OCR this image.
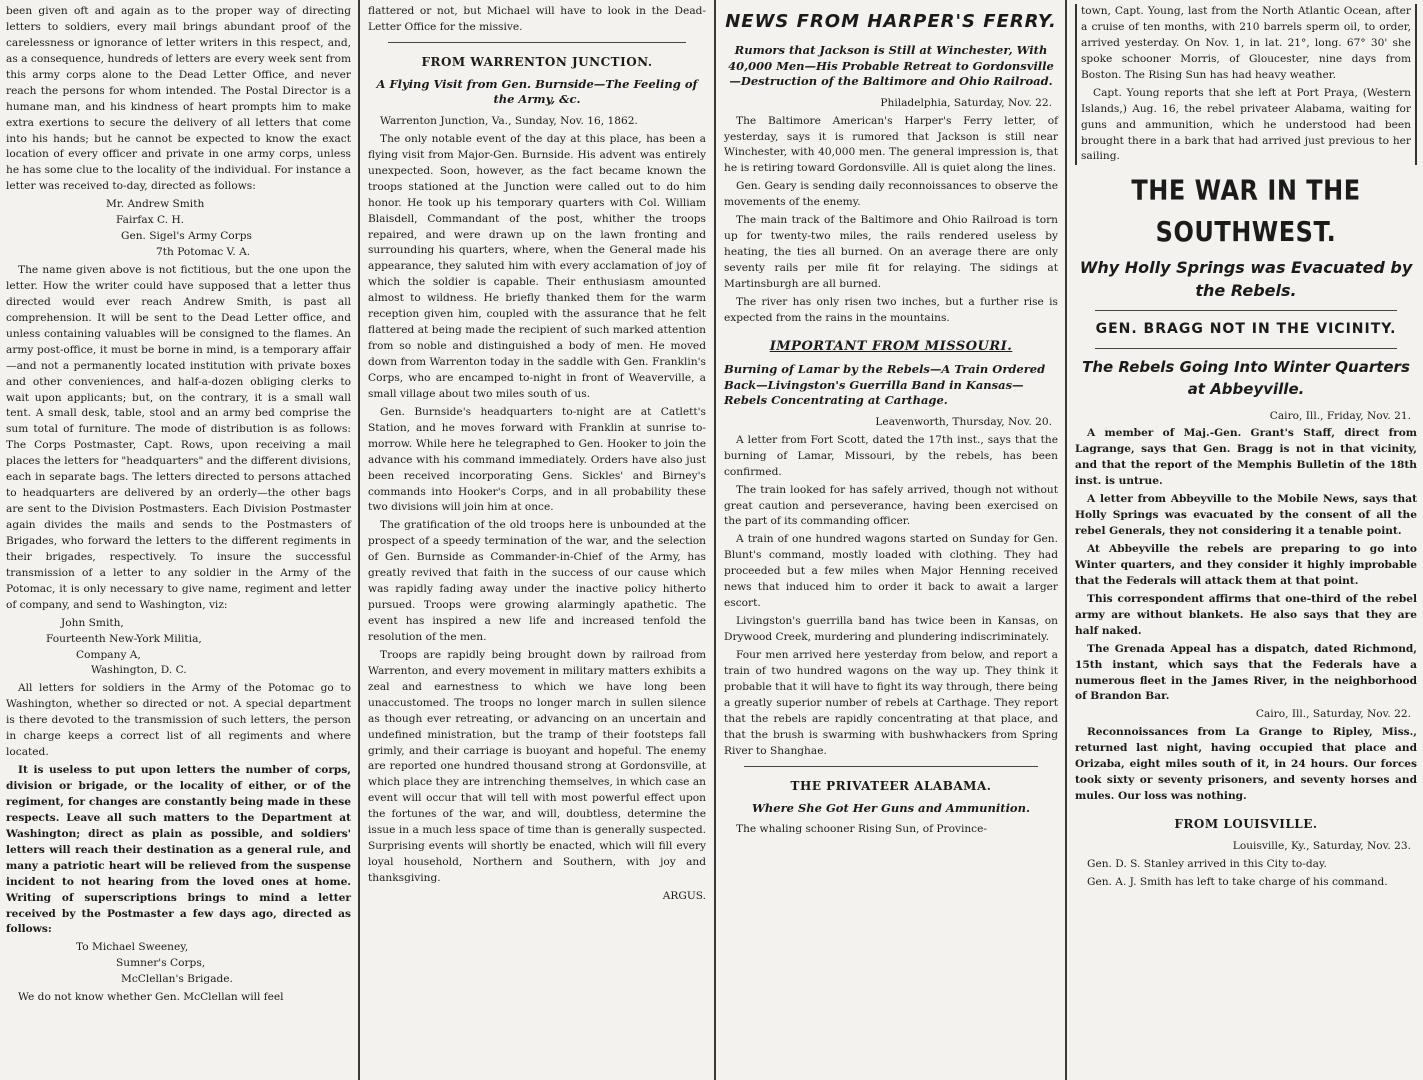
been given oft and again as to the proper way of directing letters to soldiers, every mail brings abundant proof of the carelessness or ignorance of letter writers in this respect, and, as a consequence, hundreds of letters are every week sent from this army corps alone to the Dead Letter Office, and never reach the persons for whom intended. The Postal Director is a humane man, and his kindness of heart prompts him to make extra exertions to secure the delivery of all letters that come into his hands; but he cannot be expected to know the exact location of every officer and private in one army corps, unless he has some clue to the locality of the individual. For instance a letter was received to-day, directed as follows:

Mr. Andrew Smith
Fairfax C. H.
Gen. Sigel's Army Corps
7th Potomac V. A.

The name given above is not fictitious, but the one upon the letter. How the writer could have supposed that a letter thus directed would ever reach Andrew Smith, is past all comprehension. It will be sent to the Dead Letter office, and unless containing valuables will be consigned to the flames. An army post-office, it must be borne in mind, is a temporary affair—and not a permanently located institution with private boxes and other conveniences, and half-a-dozen obliging clerks to wait upon applicants; but, on the contrary, it is a small wall tent. A small desk, table, stool and an army bed comprise the sum total of furniture. The mode of distribution is as follows: The Corps Postmaster, Capt. Rows, upon receiving a mail places the letters for "headquarters" and the different divisions, each in separate bags. The letters directed to persons attached to headquarters are delivered by an orderly—the other bags are sent to the Division Postmasters. Each Division Postmaster again divides the mails and sends to the Postmasters of Brigades, who forward the letters to the different regiments in their brigades, respectively. To insure the successful transmission of a letter to any soldier in the Army of the Potomac, it is only necessary to give name, regiment and letter of company, and send to Washington, viz:

John Smith,
Fourteenth New-York Militia,
Company A,
Washington, D. C.

All letters for soldiers in the Army of the Potomac go to Washington, whether so directed or not. A special department is there devoted to the transmission of such letters, the person in charge keeps a correct list of all regiments and where located.

It is useless to put upon letters the number of corps, division or brigade, or the locality of either, or of the regiment, for changes are constantly being made in these respects. Leave all such matters to the Department at Washington; direct as plain as possible, and soldiers' letters will reach their destination as a general rule, and many a patriotic heart will be relieved from the suspense incident to not hearing from the loved ones at home. Writing of superscriptions brings to mind a letter received by the Postmaster a few days ago, directed as follows:

To Michael Sweeney,
Sumner's Corps,
McClellan's Brigade.

We do not know whether Gen. McClellan will feel

flattered or not, but Michael will have to look in the Dead-Letter Office for the missive.

FROM WARRENTON JUNCTION.
A Flying Visit from Gen. Burnside—The Feeling of the Army, &c.

Warrenton Junction, Va., Sunday, Nov. 16, 1862.

The only notable event of the day at this place, has been a flying visit from Major-Gen. Burnside. His advent was entirely unexpected. Soon, however, as the fact became known the troops stationed at the Junction were called out to do him honor. He took up his temporary quarters with Col. William Blaisdell, Commandant of the post, whither the troops repaired, and were drawn up on the lawn fronting and surrounding his quarters, where, when the General made his appearance, they saluted him with every acclamation of joy of which the soldier is capable. Their enthusiasm amounted almost to wildness. He briefly thanked them for the warm reception given him, coupled with the assurance that he felt flattered at being made the recipient of such marked attention from so noble and distinguished a body of men. He moved down from Warrenton today in the saddle with Gen. Franklin's Corps, who are encamped to-night in front of Weaverville, a small village about two miles south of us.

Gen. Burnside's headquarters to-night are at Catlett's Station, and he moves forward with Franklin at sunrise to-morrow. While here he telegraphed to Gen. Hooker to join the advance with his command immediately. Orders have also just been received incorporating Gens. Sickles' and Birney's commands into Hooker's Corps, and in all probability these two divisions will join him at once.

The gratification of the old troops here is unbounded at the prospect of a speedy termination of the war, and the selection of Gen. Burnside as Commander-in-Chief of the Army, has greatly revived that faith in the success of our cause which was rapidly fading away under the inactive policy hitherto pursued. Troops were growing alarmingly apathetic. The event has inspired a new life and increased tenfold the resolution of the men.

Troops are rapidly being brought down by railroad from Warrenton, and every movement in military matters exhibits a zeal and earnestness to which we have long been unaccustomed. The troops no longer march in sullen silence as though ever retreating, or advancing on an uncertain and undefined ministration, but the tramp of their footsteps fall grimly, and their carriage is buoyant and hopeful. The enemy are reported one hundred thousand strong at Gordonsville, at which place they are intrenching themselves, in which case an event will occur that will tell with most powerful effect upon the fortunes of the war, and will, doubtless, determine the issue in a much less space of time than is generally suspected. Surprising events will shortly be enacted, which will fill every loyal household, Northern and Southern, with joy and thanksgiving.

ARGUS.
NEWS FROM HARPER'S FERRY.
Rumors that Jackson is Still at Winchester, With 40,000 Men—His Probable Retreat to Gordonsville—Destruction of the Baltimore and Ohio Railroad.
Philadelphia, Saturday, Nov. 22.

The Baltimore American's Harper's Ferry letter, of yesterday, says it is rumored that Jackson is still near Winchester, with 40,000 men. The general impression is, that he is retiring toward Gordonsville. All is quiet along the lines.

Gen. Geary is sending daily reconnoissances to observe the movements of the enemy.

The main track of the Baltimore and Ohio Railroad is torn up for twenty-two miles, the rails rendered useless by heating, the ties all burned. On an average there are only seventy rails per mile fit for relaying. The sidings at Martinsburgh are all burned.

The river has only risen two inches, but a further rise is expected from the rains in the mountains.

IMPORTANT FROM MISSOURI.
Burning of Lamar by the Rebels—A Train Ordered Back—Livingston's Guerrilla Band in Kansas—Rebels Concentrating at Carthage.
Leavenworth, Thursday, Nov. 20.

A letter from Fort Scott, dated the 17th inst., says that the burning of Lamar, Missouri, by the rebels, has been confirmed.

The train looked for has safely arrived, though not without great caution and perseverance, having been exercised on the part of its commanding officer.

A train of one hundred wagons started on Sunday for Gen. Blunt's command, mostly loaded with clothing. They had proceeded but a few miles when Major Henning received news that induced him to order it back to await a larger escort.

Livingston's guerrilla band has twice been in Kansas, on Drywood Creek, murdering and plundering indiscriminately.

Four men arrived here yesterday from below, and report a train of two hundred wagons on the way up. They think it probable that it will have to fight its way through, there being a greatly superior number of rebels at Carthage. They report that the rebels are rapidly concentrating at that place, and that the brush is swarming with bushwhackers from Spring River to Shanghae.

THE PRIVATEER ALABAMA.
Where She Got Her Guns and Ammunition.

The whaling schooner Rising Sun, of Province-

town, Capt. Young, last from the North Atlantic Ocean, after a cruise of ten months, with 210 barrels sperm oil, to order, arrived yesterday. On Nov. 1, in lat. 21°, long. 67° 30' she spoke schooner Morris, of Gloucester, nine days from Boston. The Rising Sun has had heavy weather.

Capt. Young reports that she left at Port Praya, (Western Islands,) Aug. 16, the rebel privateer Alabama, waiting for guns and ammunition, which he understood had been brought there in a bark that had arrived just previous to her sailing.

THE WAR IN THE SOUTHWEST.
Why Holly Springs was Evacuated by the Rebels.
GEN. BRAGG NOT IN THE VICINITY.
The Rebels Going Into Winter Quarters at Abbeyville.
Cairo, Ill., Friday, Nov. 21.

A member of Maj.-Gen. Grant's Staff, direct from Lagrange, says that Gen. Bragg is not in that vicinity, and that the report of the Memphis Bulletin of the 18th inst. is untrue.

A letter from Abbeyville to the Mobile News, says that Holly Springs was evacuated by the consent of all the rebel Generals, they not considering it a tenable point.

At Abbeyville the rebels are preparing to go into Winter quarters, and they consider it highly improbable that the Federals will attack them at that point.

This correspondent affirms that one-third of the rebel army are without blankets. He also says that they are half naked.

The Grenada Appeal has a dispatch, dated Richmond, 15th instant, which says that the Federals have a numerous fleet in the James River, in the neighborhood of Brandon Bar.

Cairo, Ill., Saturday, Nov. 22.

Reconnoissances from La Grange to Ripley, Miss., returned last night, having occupied that place and Orizaba, eight miles south of it, in 24 hours. Our forces took sixty or seventy prisoners, and seventy horses and mules. Our loss was nothing.

FROM LOUISVILLE.
Louisville, Ky., Saturday, Nov. 23.

Gen. D. S. Stanley arrived in this City to-day.

Gen. A. J. Smith has left to take charge of his command.
